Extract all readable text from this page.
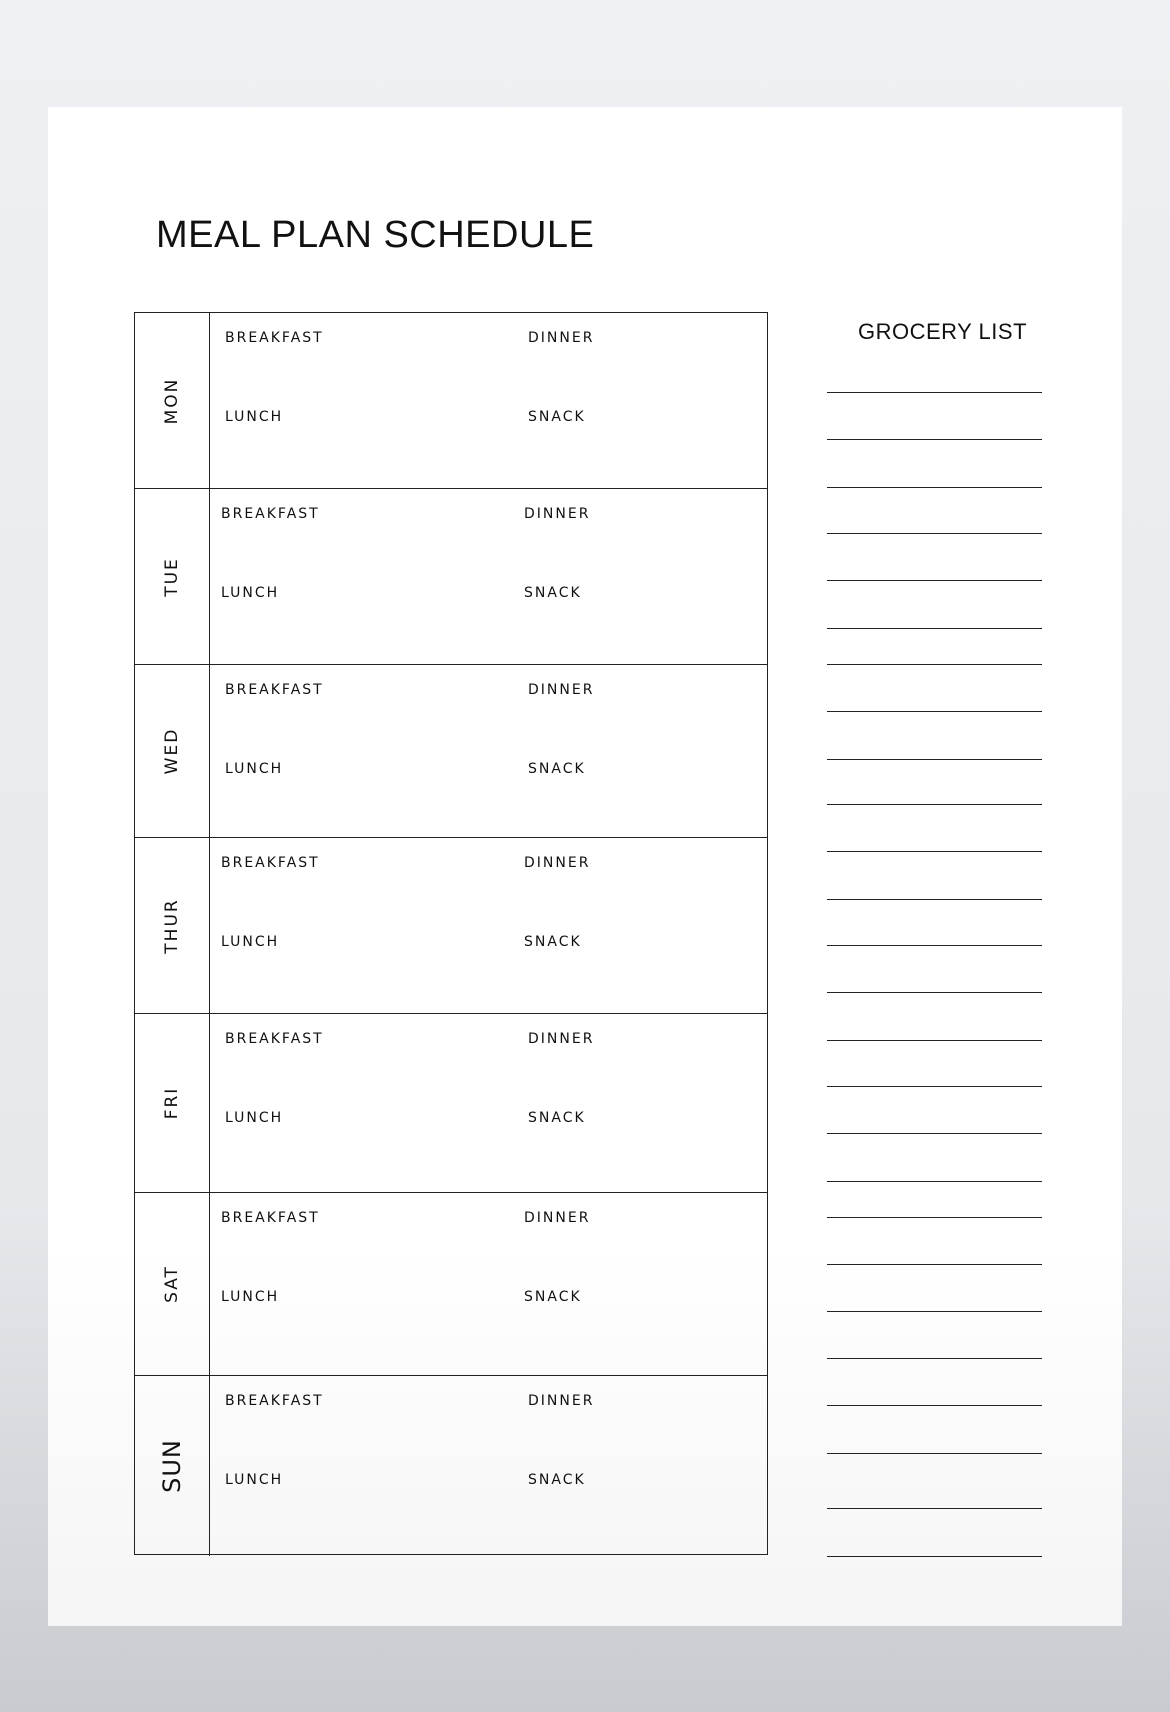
MEAL PLAN SCHEDULE
MON
BREAKFAST	DINNER
LUNCH	SNACK
TUE
BREAKFAST	DINNER
LUNCH	SNACK
WED
BREAKFAST	DINNER
LUNCH	SNACK
THUR
BREAKFAST	DINNER
LUNCH	SNACK
FRI
BREAKFAST	DINNER
LUNCH	SNACK
SAT
BREAKFAST	DINNER
LUNCH	SNACK
SUN
BREAKFAST	DINNER
LUNCH	SNACK
GROCERY LIST
